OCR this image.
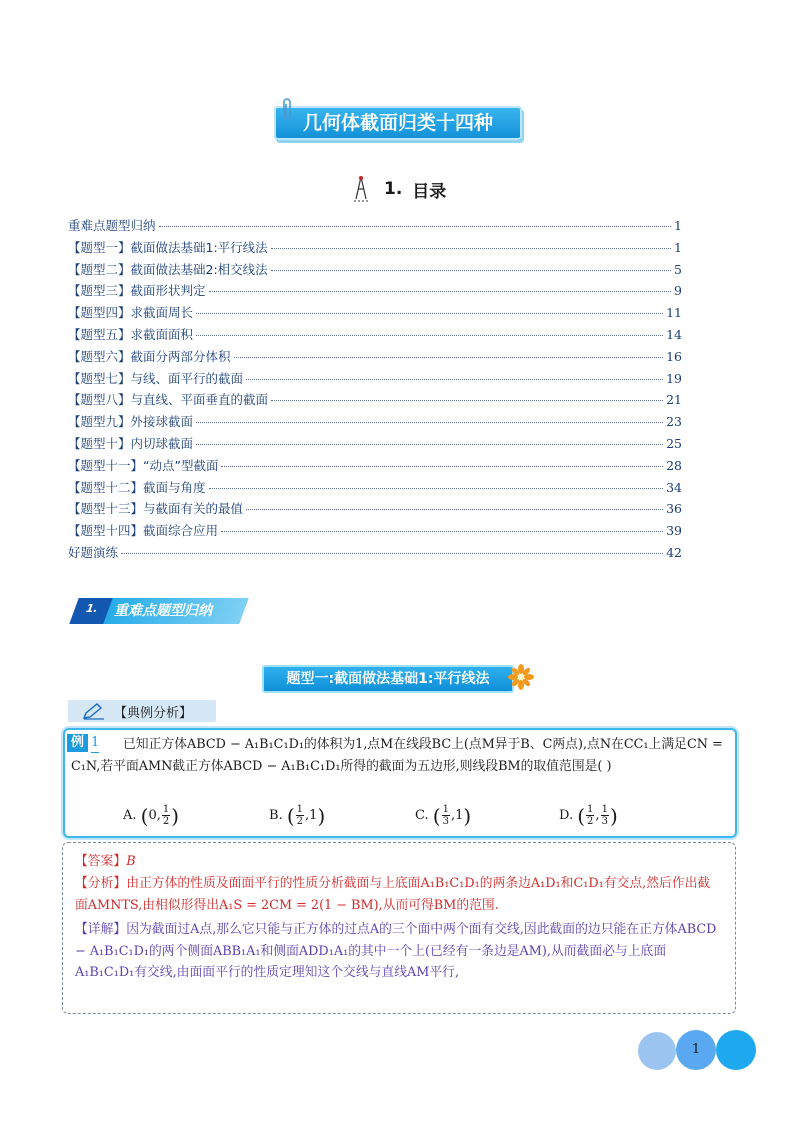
几何体截面归类十四种
1. 目录
重难点题型归纳	1
【题型一】截面做法基础1:平行线法	1
【题型二】截面做法基础2:相交线法	5
【题型三】截面形状判定	9
【题型四】求截面周长	11
【题型五】求截面面积	14
【题型六】截面分两部分体积	16
【题型七】与线、面平行的截面	19
【题型八】与直线、平面垂直的截面	21
【题型九】外接球截面	23
【题型十】内切球截面	25
【题型十一】“动点”型截面	28
【题型十二】截面与角度	34
【题型十三】与截面有关的最值	36
【题型十四】截面综合应用	39
好题演练	42
1. 重难点题型归纳
题型一:截面做法基础1:平行线法
【典例分析】
已知正方体ABCD − A₁B₁C₁D₁的体积为1,点M在线段BC上(点M异于B、C两点),点N在CC₁上满足CN = C₁N,若平面AMN截正方体ABCD − A₁B₁C₁D₁所得的截面为五边形,则线段BM的取值范围是( )
例 1
A.
( 0 , $\frac{1}{2}$ )	B.
( $\frac{1}{2}$ , 1 )	C.
( $\frac{1}{3}$ , 1 )	D.
( $\frac{1}{2}$ , $\frac{1}{3}$ )
【答案】B
【分析】由正方体的性质及面面平行的性质分析截面与上底面A₁B₁C₁D₁的两条边A₁D₁和C₁D₁有交点,然后作出截面AMNTS,由相似形得出A₁S = 2CM = 2(1 − BM),从而可得BM的范围.
【详解】因为截面过A点,那么它只能与正方体的过点A的三个面中两个面有交线,因此截面的边只能在正方体ABCD − A₁B₁C₁D₁的两个侧面ABB₁A₁和侧面ADD₁A₁的其中一个上(已经有一条边是AM),从而截面必与上底面A₁B₁C₁D₁有交线,由面面平行的性质定理知这个交线与直线AM平行,
1
